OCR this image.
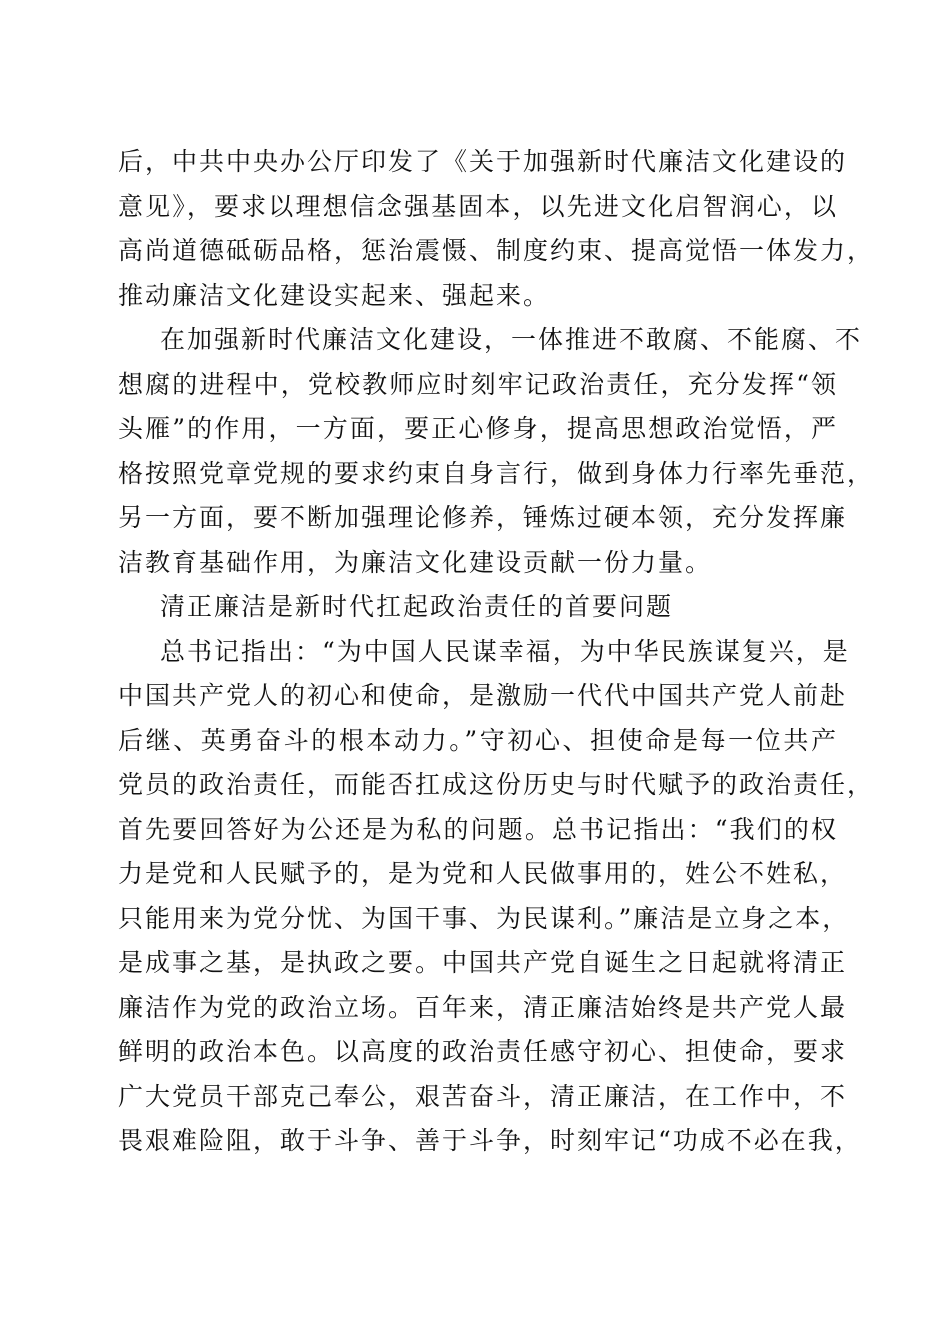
后，中共中央办公厅印发了《关于加强新时代廉洁文化建设的
意见》，要求以理想信念强基固本，以先进文化启智润心，以
高尚道德砥砺品格，惩治震慑、制度约束、提高觉悟一体发力，
推动廉洁文化建设实起来、强起来。
在加强新时代廉洁文化建设，一体推进不敢腐、不能腐、不
想腐的进程中，党校教师应时刻牢记政治责任，充分发挥“领
头雁”的作用，一方面，要正心修身，提高思想政治觉悟，严
格按照党章党规的要求约束自身言行，做到身体力行率先垂范，
另一方面，要不断加强理论修养，锤炼过硬本领，充分发挥廉
洁教育基础作用，为廉洁文化建设贡献一份力量。
清正廉洁是新时代扛起政治责任的首要问题
总书记指出：“为中国人民谋幸福，为中华民族谋复兴，是
中国共产党人的初心和使命，是激励一代代中国共产党人前赴
后继、英勇奋斗的根本动力。”守初心、担使命是每一位共产
党员的政治责任，而能否扛成这份历史与时代赋予的政治责任，
首先要回答好为公还是为私的问题。总书记指出：“我们的权
力是党和人民赋予的，是为党和人民做事用的，姓公不姓私，
只能用来为党分忧、为国干事、为民谋利。”廉洁是立身之本，
是成事之基，是执政之要。中国共产党自诞生之日起就将清正
廉洁作为党的政治立场。百年来，清正廉洁始终是共产党人最
鲜明的政治本色。以高度的政治责任感守初心、担使命，要求
广大党员干部克己奉公，艰苦奋斗，清正廉洁，在工作中，不
畏艰难险阻，敢于斗争、善于斗争，时刻牢记“功成不必在我，
